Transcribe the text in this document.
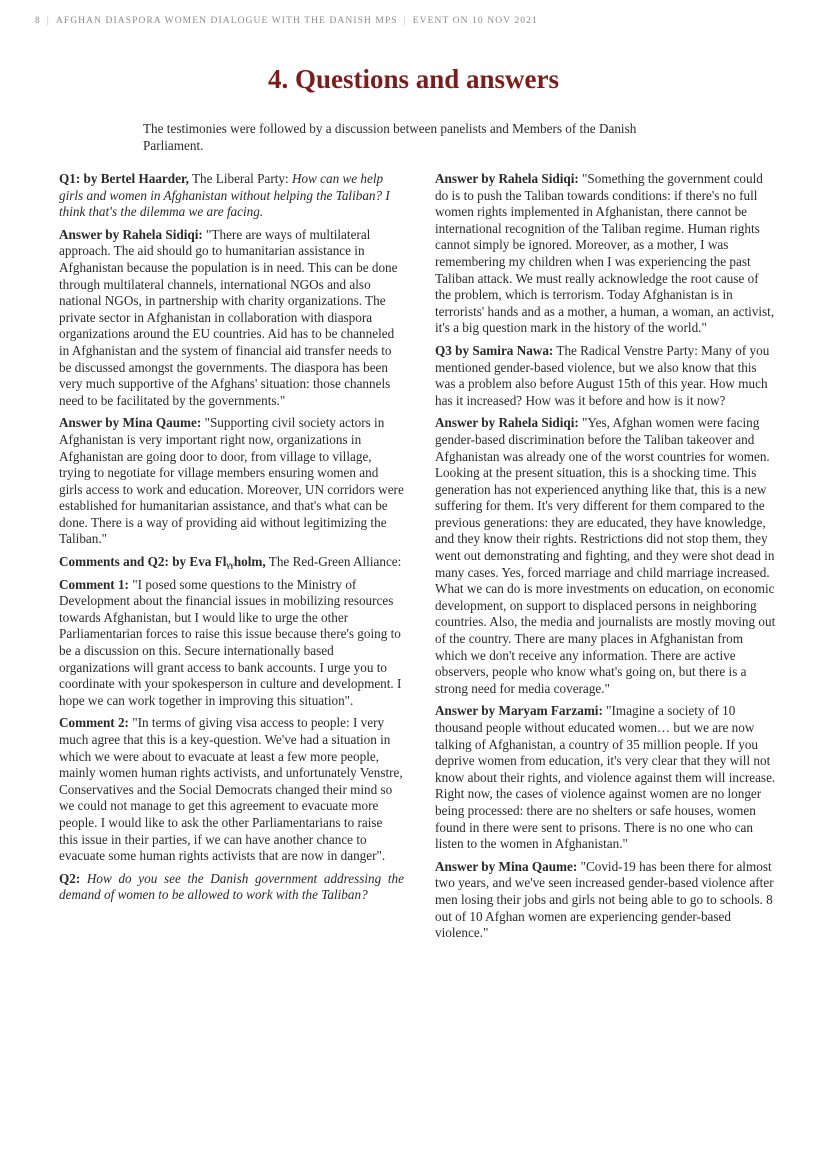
8 | AFGHAN DIASPORA WOMEN DIALOGUE WITH THE DANISH MPS | EVENT ON 10 NOV 2021
4. Questions and answers

The testimonies were followed by a discussion between panelists and Members of the Danish Parliament.

Q1: by Bertel Haarder, The Liberal Party: How can we help girls and women in Afghanistan without helping the Taliban? I think that's the dilemma we are facing.

Answer by Rahela Sidiqi: "There are ways of multilateral approach. The aid should go to humanitarian assistance in Afghanistan because the population is in need. This can be done through multilateral channels, international NGOs and also national NGOs, in partnership with charity organizations. The private sector in Afghanistan in collaboration with diaspora organizations around the EU countries. Aid has to be channeled in Afghanistan and the system of financial aid transfer needs to be discussed amongst the governments. The diaspora has been very much supportive of the Afghans' situation: those channels need to be facilitated by the governments."

Answer by Mina Qaume: "Supporting civil society actors in Afghanistan is very important right now, organizations in Afghanistan are going door to door, from village to village, trying to negotiate for village members ensuring women and girls access to work and education. Moreover, UN corridors were established for humanitarian assistance, and that's what can be done. There is a way of providing aid without legitimizing the Taliban."

Comments and Q2: by Eva Flᵧᵧholm, The Red-Green Alliance:

Comment 1: "I posed some questions to the Ministry of Development about the financial issues in mobilizing resources towards Afghanistan, but I would like to urge the other Parliamentarian forces to raise this issue because there's going to be a discussion on this. Secure internationally based organizations will grant access to bank accounts. I urge you to coordinate with your spokesperson in culture and development. I hope we can work together in improving this situation".

Comment 2: "In terms of giving visa access to people: I very much agree that this is a key-question. We've had a situation in which we were about to evacuate at least a few more people, mainly women human rights activists, and unfortunately Venstre, Conservatives and the Social Democrats changed their mind so we could not manage to get this agreement to evacuate more people. I would like to ask the other Parliamentarians to raise this issue in their parties, if we can have another chance to evacuate some human rights activists that are now in danger".

Q2: How do you see the Danish government addressing the demand of women to be allowed to work with the Taliban?

Answer by Rahela Sidiqi: "Something the government could do is to push the Taliban towards conditions: if there's no full women rights implemented in Afghanistan, there cannot be international recognition of the Taliban regime. Human rights cannot simply be ignored. Moreover, as a mother, I was remembering my children when I was experiencing the past Taliban attack. We must really acknowledge the root cause of the problem, which is terrorism. Today Afghanistan is in terrorists' hands and as a mother, a human, a woman, an activist, it's a big question mark in the history of the world."

Q3 by Samira Nawa: The Radical Venstre Party: Many of you mentioned gender-based violence, but we also know that this was a problem also before August 15th of this year. How much has it increased? How was it before and how is it now?

Answer by Rahela Sidiqi: "Yes, Afghan women were facing gender-based discrimination before the Taliban takeover and Afghanistan was already one of the worst countries for women. Looking at the present situation, this is a shocking time. This generation has not experienced anything like that, this is a new suffering for them. It's very different for them compared to the previous generations: they are educated, they have knowledge, and they know their rights. Restrictions did not stop them, they went out demonstrating and fighting, and they were shot dead in many cases. Yes, forced marriage and child marriage increased. What we can do is more investments on education, on economic development, on support to displaced persons in neighboring countries. Also, the media and journalists are mostly moving out of the country. There are many places in Afghanistan from which we don't receive any information. There are active observers, people who know what's going on, but there is a strong need for media coverage."

Answer by Maryam Farzami: "Imagine a society of 10 thousand people without educated women… but we are now talking of Afghanistan, a country of 35 million people. If you deprive women from education, it's very clear that they will not know about their rights, and violence against them will increase. Right now, the cases of violence against women are no longer being processed: there are no shelters or safe houses, women found in there were sent to prisons. There is no one who can listen to the women in Afghanistan."

Answer by Mina Qaume: "Covid-19 has been there for almost two years, and we've seen increased gender-based violence after men losing their jobs and girls not being able to go to schools. 8 out of 10 Afghan women are experiencing gender-based violence."
